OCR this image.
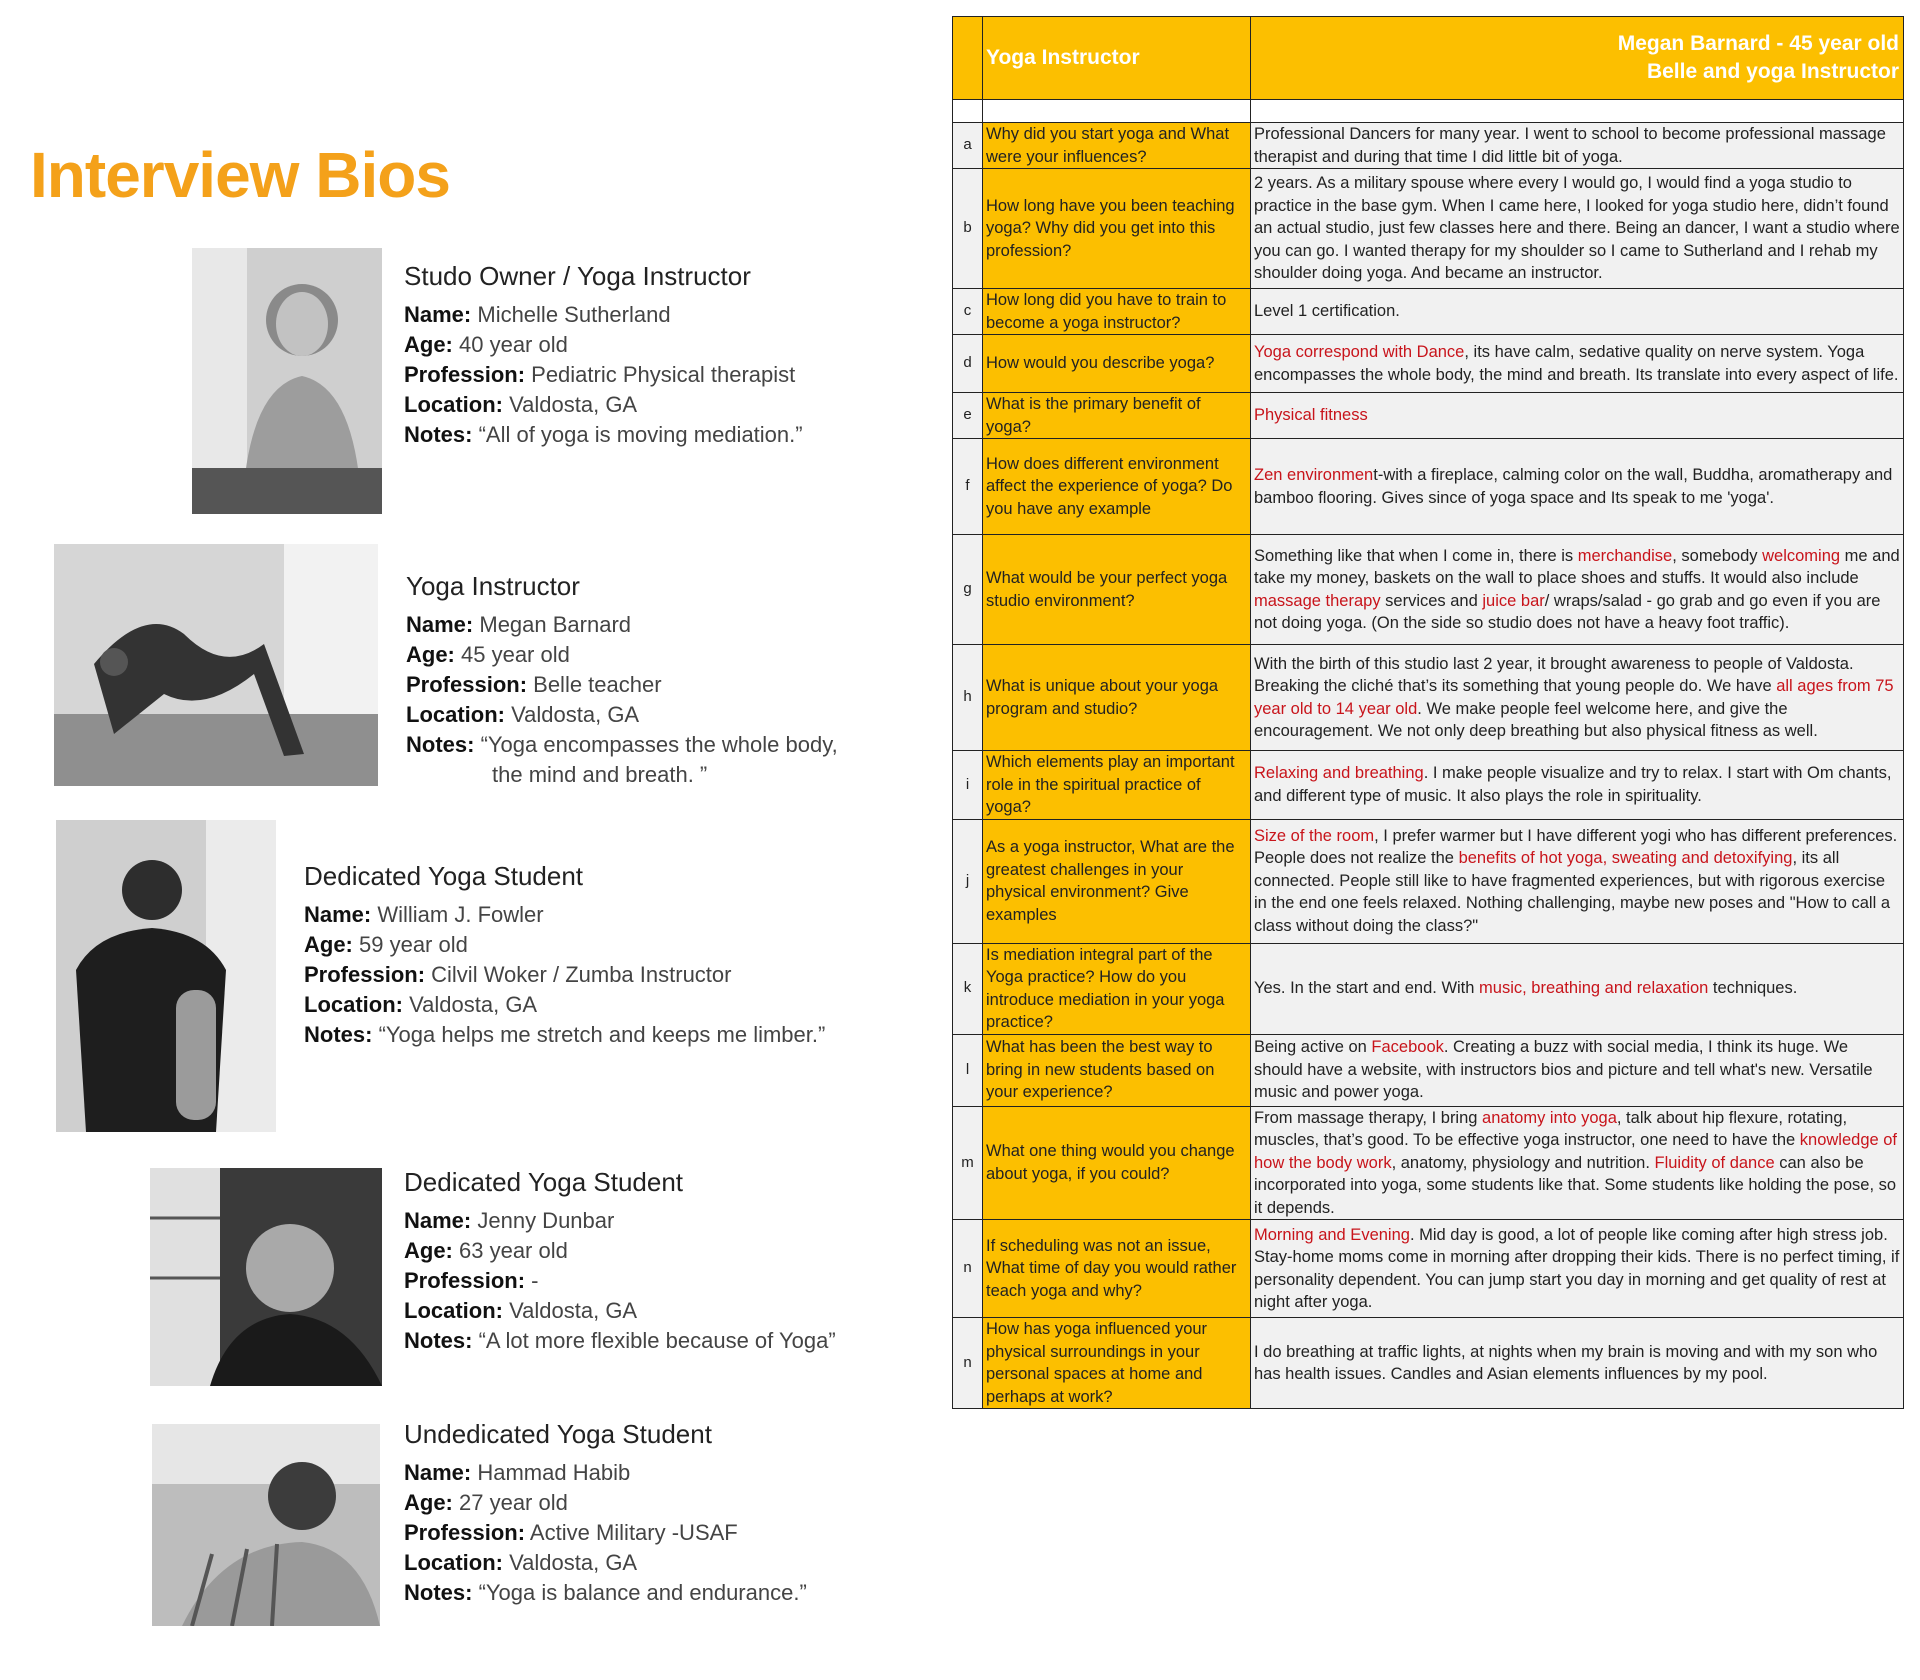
Interview Bios
Studo Owner / Yoga Instructor
Name: Michelle Sutherland
Age: 40 year old
Profession: Pediatric Physical therapist
Location: Valdosta, GA
Notes: “All of yoga is moving mediation.”
Yoga Instructor
Name: Megan Barnard
Age: 45 year old
Profession: Belle teacher
Location: Valdosta, GA
Notes: “Yoga encompasses the whole body,
the mind and breath. ”
Dedicated Yoga Student
Name: William J. Fowler
Age: 59 year old
Profession: Cilvil Woker / Zumba Instructor
Location: Valdosta, GA
Notes: “Yoga helps me stretch and keeps me limber.”
Dedicated Yoga Student
Name: Jenny Dunbar
Age: 63 year old
Profession: -
Location: Valdosta, GA
Notes: “A lot more flexible because of Yoga”
Undedicated Yoga Student
Name: Hammad Habib
Age: 27 year old
Profession: Active Military -USAF
Location: Valdosta, GA
Notes: “Yoga is balance and endurance.”
	Yoga Instructor	Megan Barnard - 45 year old
Belle and yoga Instructor

a	Why did you start yoga and What were your influences?	Professional Dancers for many year. I went to school to become professional massage therapist and during that time I did little bit of yoga.
b	How long have you been teaching yoga? Why did you get into this profession?	2 years. As a military spouse where every I would go, I would find a yoga studio to practice in the base gym. When I came here, I looked for yoga studio here, didn’t found an actual studio, just few classes here and there. Being an dancer, I want a studio where you can go. I wanted therapy for my shoulder so I came to Sutherland and I rehab my shoulder doing yoga. And became an instructor.
c	How long did you have to train to become a yoga instructor?	Level 1 certification.
d	How would you describe yoga?	Yoga correspond with Dance, its have calm, sedative quality on nerve system. Yoga encompasses the whole body, the mind and breath. Its translate into every aspect of life.
e	What is the primary benefit of yoga?	Physical fitness
f	How does different environment affect the experience of yoga? Do you have any example	Zen environment-with a fireplace, calming color on the wall, Buddha, aromatherapy and bamboo flooring. Gives since of yoga space and Its speak to me 'yoga'.
g	What would be your perfect yoga studio environment?	Something like that when I come in, there is merchandise, somebody welcoming me and take my money, baskets on the wall to place shoes and stuffs. It would also include massage therapy services and juice bar/ wraps/salad - go grab and go even if you are not doing yoga. (On the side so studio does not have a heavy foot traffic).
h	What is unique about your yoga program and studio?	With the birth of this studio last 2 year, it brought awareness to people of Valdosta. Breaking the cliché that’s its something that young people do. We have all ages from 75 year old to 14 year old. We make people feel welcome here, and give the encouragement. We not only deep breathing but also physical fitness as well.
i	Which elements play an important role in the spiritual practice of yoga?	Relaxing and breathing. I make people visualize and try to relax. I start with Om chants, and different type of music. It also plays the role in spirituality.
j	As a yoga instructor, What are the greatest challenges in your physical environment? Give examples	Size of the room, I prefer warmer but I have different yogi who has different preferences. People does not realize the benefits of hot yoga, sweating and detoxifying, its all connected. People still like to have fragmented experiences, but with rigorous exercise in the end one feels relaxed. Nothing challenging, maybe new poses and "How to call a class without doing the class?"
k	Is mediation integral part of the Yoga practice? How do you introduce mediation in your yoga practice?	Yes. In the start and end. With music, breathing and relaxation techniques.
l	What has been the best way to bring in new students based on your experience?	Being active on Facebook. Creating a buzz with social media, I think its huge. We should have a website, with instructors bios and picture and tell what's new. Versatile music and power yoga.
m	What one thing would you change about yoga, if you could?	From massage therapy, I bring anatomy into yoga, talk about hip flexure, rotating, muscles, that’s good. To be effective yoga instructor, one need to have the knowledge of how the body work, anatomy, physiology and nutrition. Fluidity of dance can also be incorporated into yoga, some students like that. Some students like holding the pose, so it depends.
n	If scheduling was not an issue, What time of day you would rather teach yoga and why?	Morning and Evening. Mid day is good, a lot of people like coming after high stress job. Stay-home moms come in morning after dropping their kids. There is no perfect timing, if personality dependent. You can jump start you day in morning and get quality of rest at night after yoga.
n	How has yoga influenced your physical surroundings in your personal spaces at home and perhaps at work?	I do breathing at traffic lights, at nights when my brain is moving and with my son who has health issues. Candles and Asian elements influences by my pool.
